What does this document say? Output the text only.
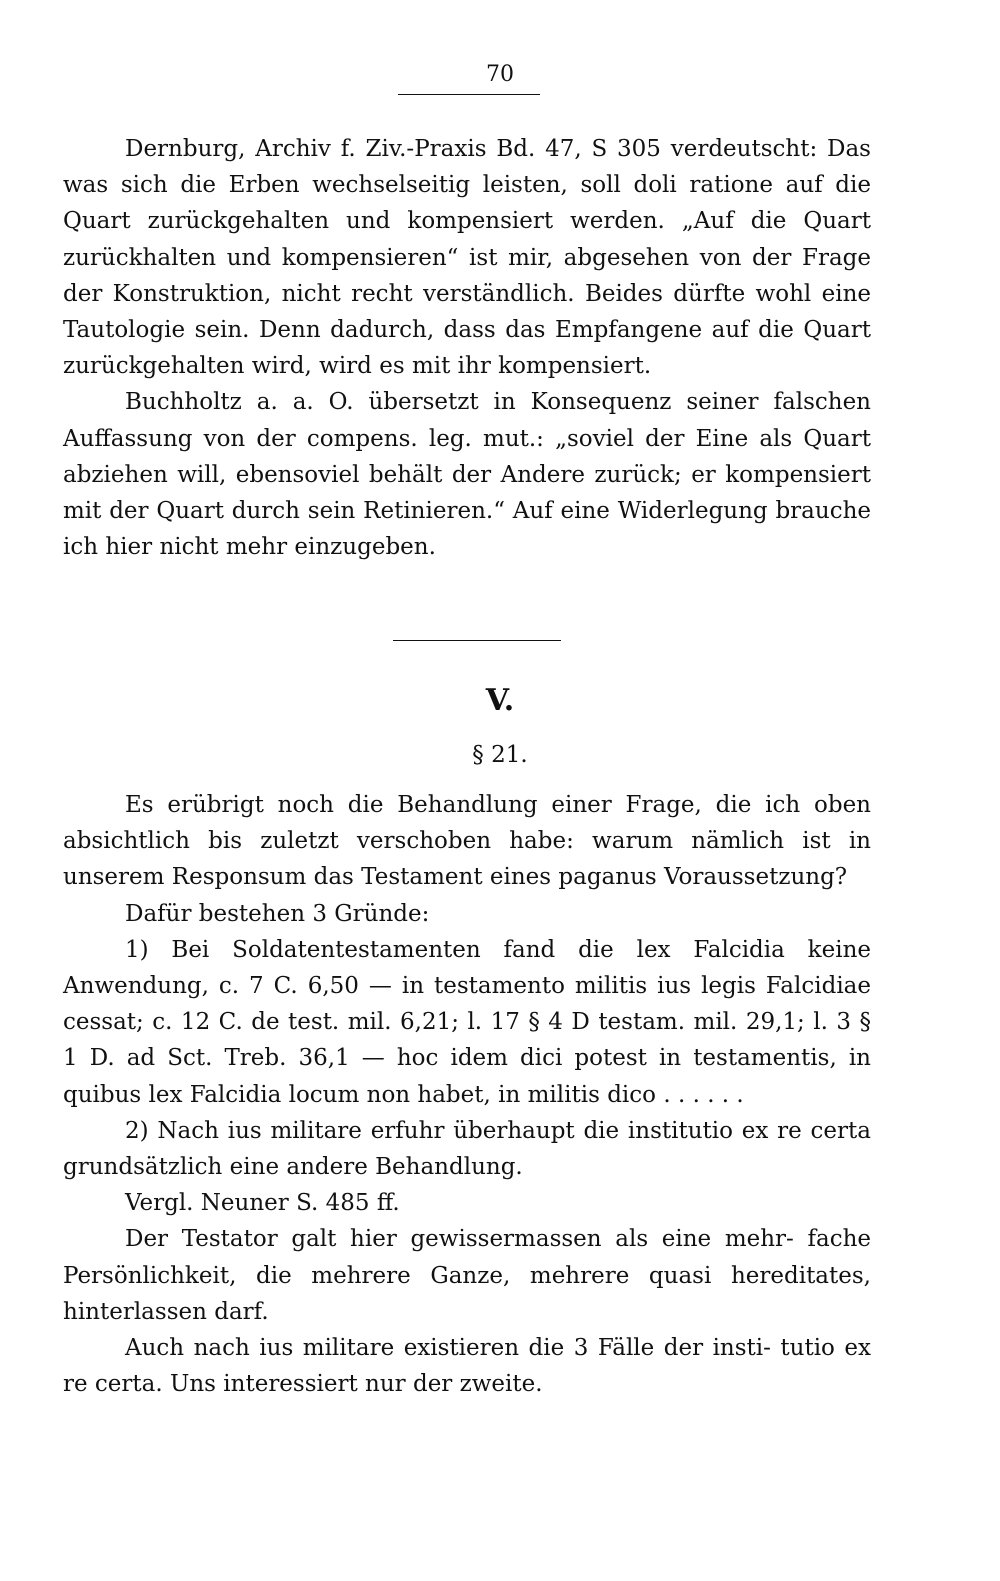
70

Dernburg, Archiv f. Ziv.-Praxis Bd. 47, S 305 verdeutscht: Das was sich die Erben wechselseitig leisten, soll doli ratione auf die Quart zurückgehalten und kompensiert werden. „Auf die Quart zurückhalten und kompensieren“ ist mir, abgesehen von der Frage der Konstruktion, nicht recht verständlich. Beides dürfte wohl eine Tautologie sein. Denn dadurch, dass das Empfangene auf die Quart zurückgehalten wird, wird es mit ihr kompensiert.

Buchholtz a. a. O. übersetzt in Konsequenz seiner falschen Auffassung von der compens. leg. mut.: „soviel der Eine als Quart abziehen will, ebensoviel behält der Andere zurück; er kompensiert mit der Quart durch sein Retinieren.“ Auf eine Widerlegung brauche ich hier nicht mehr einzugeben.

V.
§ 21.

Es erübrigt noch die Behandlung einer Frage, die ich oben absichtlich bis zuletzt verschoben habe: warum nämlich ist in unserem Responsum das Testament eines paganus Voraussetzung?

Dafür bestehen 3 Gründe:

1) Bei Soldatentestamenten fand die lex Falcidia keine Anwendung, c. 7 C. 6,50 — in testamento militis ius legis Falcidiae cessat; c. 12 C. de test. mil. 6,21; l. 17 § 4 D testam. mil. 29,1; l. 3 § 1 D. ad Sct. Treb. 36,1 — hoc idem dici potest in testamentis, in quibus lex Falcidia locum non habet, in militis dico . . . . . .

2) Nach ius militare erfuhr überhaupt die institutio ex re certa grundsätzlich eine andere Behandlung.

Vergl. Neuner S. 485 ff.

Der Testator galt hier gewissermassen als eine mehr- fache Persönlichkeit, die mehrere Ganze, mehrere quasi hereditates, hinterlassen darf.

Auch nach ius militare existieren die 3 Fälle der insti- tutio ex re certa. Uns interessiert nur der zweite.
